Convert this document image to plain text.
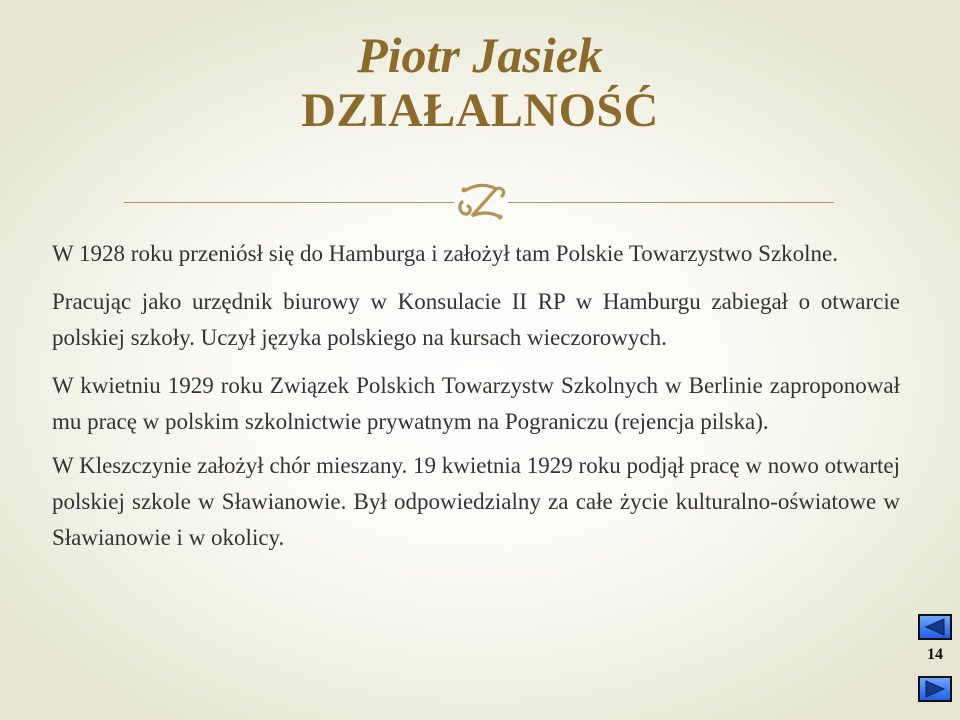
Piotr Jasiek
DZIAŁALNOŚĆ

W 1928 roku przeniósł się do Hamburga i założył tam Polskie Towarzystwo Szkolne.

Pracując jako urzędnik biurowy w Konsulacie II RP w Hamburgu zabiegał o otwarcie polskiej szkoły. Uczył języka polskiego na kursach wieczorowych.

W kwietniu 1929 roku Związek Polskich Towarzystw Szkolnych w Berlinie zaproponował mu pracę w polskim szkolnictwie prywatnym na Pograniczu (rejencja pilska).

W Kleszczynie założył chór mieszany. 19 kwietnia 1929 roku podjął pracę w nowo otwartej polskiej szkole w Sławianowie. Był odpowiedzialny za całe życie kulturalno-oświatowe w Sławianowie i w okolicy.

14
